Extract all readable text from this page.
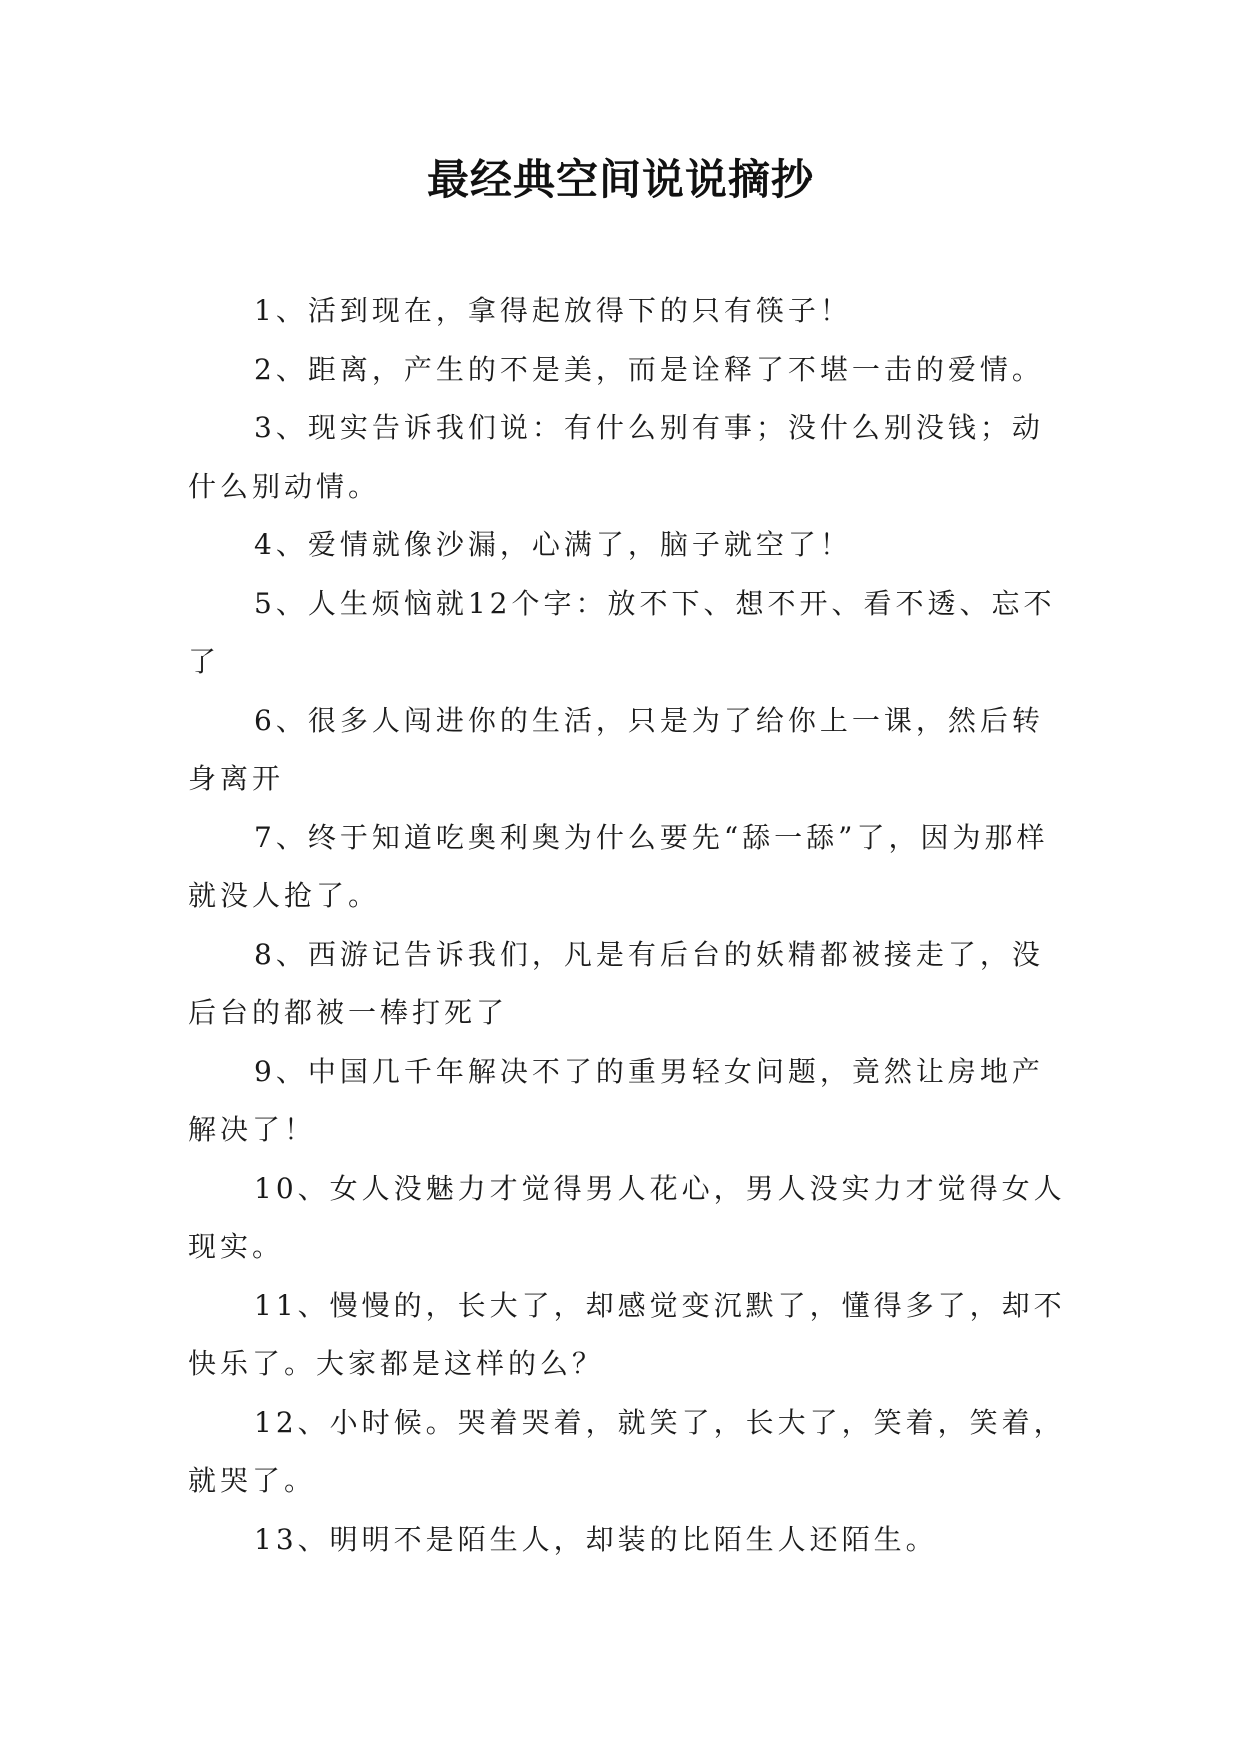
最经典空间说说摘抄

1、活到现在，拿得起放得下的只有筷子！

2、距离，产生的不是美，而是诠释了不堪一击的爱情。

3、现实告诉我们说：有什么别有事；没什么别没钱；动什么别动情。

4、爱情就像沙漏，心满了，脑子就空了！

5、人生烦恼就12个字：放不下、想不开、看不透、忘不了

6、很多人闯进你的生活，只是为了给你上一课，然后转身离开

7、终于知道吃奥利奥为什么要先“舔一舔”了，因为那样就没人抢了。

8、西游记告诉我们，凡是有后台的妖精都被接走了，没后台的都被一棒打死了

9、中国几千年解决不了的重男轻女问题，竟然让房地产解决了！

10、女人没魅力才觉得男人花心，男人没实力才觉得女人现实。

11、慢慢的，长大了，却感觉变沉默了，懂得多了，却不快乐了。大家都是这样的么？

12、小时候。哭着哭着，就笑了，长大了，笑着，笑着，就哭了。

13、明明不是陌生人，却装的比陌生人还陌生。
